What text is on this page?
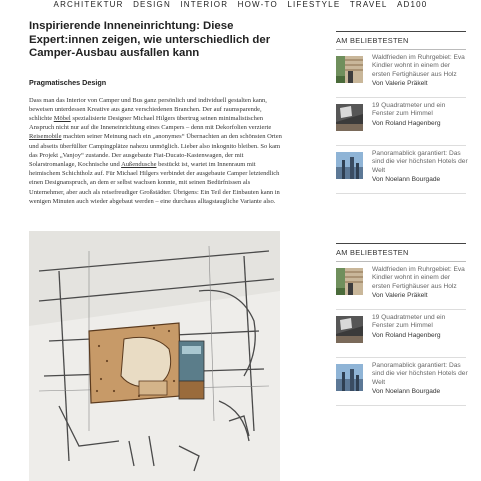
ARCHITEKTUR DESIGN INTERIOR HOW-TO LIFESTYLE TRAVEL AD100
Inspirierende Inneneinrichtung: Diese Expert:innen zeigen, wie unterschiedlich der Camper-Ausbau ausfallen kann
Pragmatisches Design
Dass man das Interior von Camper und Bus ganz persönlich und individuell gestalten kann, beweisen unterdessen Kreative aus ganz verschiedenen Branchen. Der auf raumsparende, schlichte Möbel spezialisierte Designer Michael Hilgers übertrug seinen minimalistischen Anspruch nicht nur auf die Inneneinrichtung eines Campers – denn mit Dekorfolien verzierte Reisemobile machten seiner Meinung nach ein „anonymes“ Übernachten an den schönsten Orten und abseits überfüllter Campingplätze nahezu unmöglich. Lieber also inkognito bleiben. So kam das Projekt „Vanjoy“ zustande. Der ausgebaute Fiat-Ducato-Kastenwagen, der mit Solarstromanlage, Kochnische und Außendusche bestückt ist, wartet im Innenraum mit heimischem Schichtholz auf. Für Michael Hilgers verbindet der ausgebaute Camper letztendlich einen Designanspruch, an dem er selbst wachsen konnte, mit seinen Bedürfnissen als Unternehmer, aber auch als reisefreudiger Großstädter. Übrigens: Ein Teil der Einbauten kann in wenigen Minuten auch wieder abgebaut werden – eine durchaus alltagstaugliche Variante also.
AM BELIEBTESTEN
Waldfrieden im Ruhrgebiet: Eva Kindler wohnt in einem der ersten Fertighäuser aus Holz
Von Valerie Präkelt
19 Quadratmeter und ein Fenster zum Himmel
Von Roland Hagenberg
Panoramablick garantiert: Das sind die vier höchsten Hotels der Welt
Von Noelann Bourgade
AM BELIEBTESTEN
Waldfrieden im Ruhrgebiet: Eva Kindler wohnt in einem der ersten Fertighäuser aus Holz
Von Valerie Präkelt
19 Quadratmeter und ein Fenster zum Himmel
Von Roland Hagenberg
Panoramablick garantiert: Das sind die vier höchsten Hotels der Welt
Von Noelann Bourgade
